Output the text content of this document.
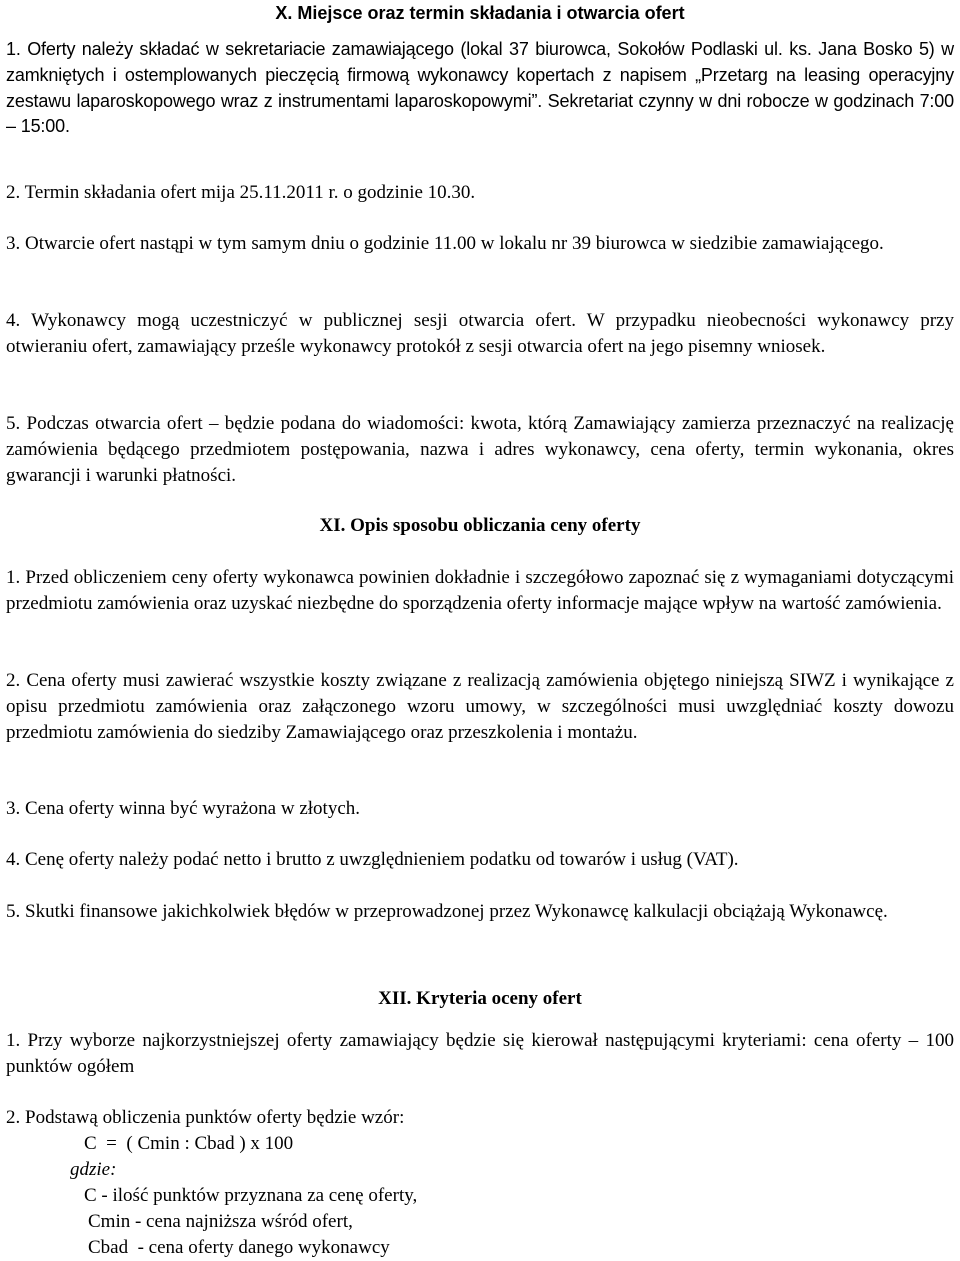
X. Miejsce oraz termin składania i otwarcia ofert

1. Oferty należy składać w sekretariacie zamawiającego (lokal 37 biurowca, Sokołów Podlaski ul. ks. Jana Bosko 5) w zamkniętych i ostemplowanych pieczęcią firmową wykonawcy kopertach z napisem „Przetarg na leasing operacyjny zestawu laparoskopowego wraz z instrumentami laparoskopowymi”. Sekretariat czynny w dni robocze w godzinach 7:00 – 15:00.

2. Termin składania ofert mija 25.11.2011 r. o godzinie 10.30.

3. Otwarcie ofert nastąpi w tym samym dniu o godzinie 11.00 w lokalu nr 39 biurowca w siedzibie zamawiającego.

4. Wykonawcy mogą uczestniczyć w publicznej sesji otwarcia ofert. W przypadku nieobecności wykonawcy przy otwieraniu ofert, zamawiający prześle wykonawcy protokół z sesji otwarcia ofert na jego pisemny wniosek.

5. Podczas otwarcia ofert – będzie podana do wiadomości: kwota, którą Zamawiający zamierza przeznaczyć na realizację zamówienia będącego przedmiotem postępowania, nazwa i adres wykonawcy, cena oferty, termin wykonania, okres gwarancji i warunki płatności.

XI. Opis sposobu obliczania ceny oferty

1. Przed obliczeniem ceny oferty wykonawca powinien dokładnie i szczegółowo zapoznać się z wymaganiami dotyczącymi przedmiotu zamówienia oraz uzyskać niezbędne do sporządzenia oferty informacje mające wpływ na wartość zamówienia.

2. Cena oferty musi zawierać wszystkie koszty związane z realizacją zamówienia objętego niniejszą SIWZ i wynikające z opisu przedmiotu zamówienia oraz załączonego wzoru umowy, w szczególności musi uwzględniać koszty dowozu przedmiotu zamówienia do siedziby Zamawiającego oraz przeszkolenia i montażu.

3. Cena oferty winna być wyrażona w złotych.

4. Cenę oferty należy podać netto i brutto z uwzględnieniem podatku od towarów i usług (VAT).

5. Skutki finansowe jakichkolwiek błędów w przeprowadzonej przez Wykonawcę kalkulacji obciążają Wykonawcę.

XII. Kryteria oceny ofert

1. Przy wyborze najkorzystniejszej oferty zamawiający będzie się kierował następującymi kryteriami: cena oferty – 100 punktów ogółem

2. Podstawą obliczenia punktów oferty będzie wzór:

C  =  ( Cmin : Cbad ) x 100

gdzie:

C - ilość punktów przyznana za cenę oferty,

Cmin - cena najniższa wśród ofert,

Cbad  - cena oferty danego wykonawcy
